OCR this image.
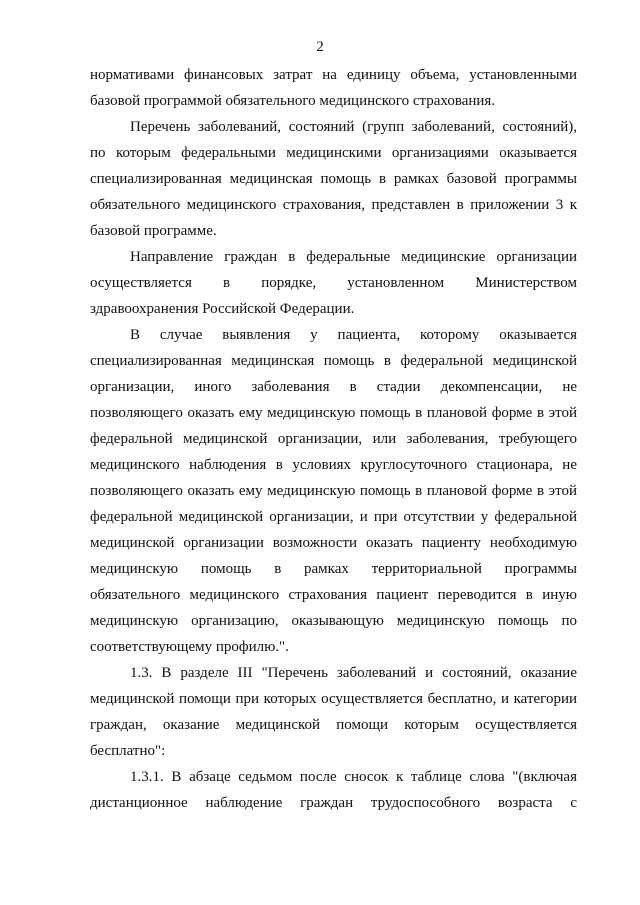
2
нормативами финансовых затрат на единицу объема, установленными
базовой программой обязательного медицинского страхования.
Перечень заболеваний, состояний (групп заболеваний, состояний),
по которым федеральными медицинскими организациями оказывается
специализированная медицинская помощь в рамках базовой программы
обязательного медицинского страхования, представлен в приложении 3 к
базовой программе.
Направление граждан в федеральные медицинские организации
осуществляется в порядке, установленном Министерством
здравоохранения Российской Федерации.
В случае выявления у пациента, которому оказывается
специализированная медицинская помощь в федеральной медицинской
организации, иного заболевания в стадии декомпенсации, не
позволяющего оказать ему медицинскую помощь в плановой форме в этой
федеральной медицинской организации, или заболевания, требующего
медицинского наблюдения в условиях круглосуточного стационара, не
позволяющего оказать ему медицинскую помощь в плановой форме в этой
федеральной медицинской организации, и при отсутствии у федеральной
медицинской организации возможности оказать пациенту необходимую
медицинскую помощь в рамках территориальной программы
обязательного медицинского страхования пациент переводится в иную
медицинскую организацию, оказывающую медицинскую помощь по
соответствующему профилю.".
1.3. В разделе III "Перечень заболеваний и состояний, оказание
медицинской помощи при которых осуществляется бесплатно, и категории
граждан, оказание медицинской помощи которым осуществляется
бесплатно":
1.3.1. В абзаце седьмом после сносок к таблице слова "(включая
дистанционное наблюдение граждан трудоспособного возраста с
